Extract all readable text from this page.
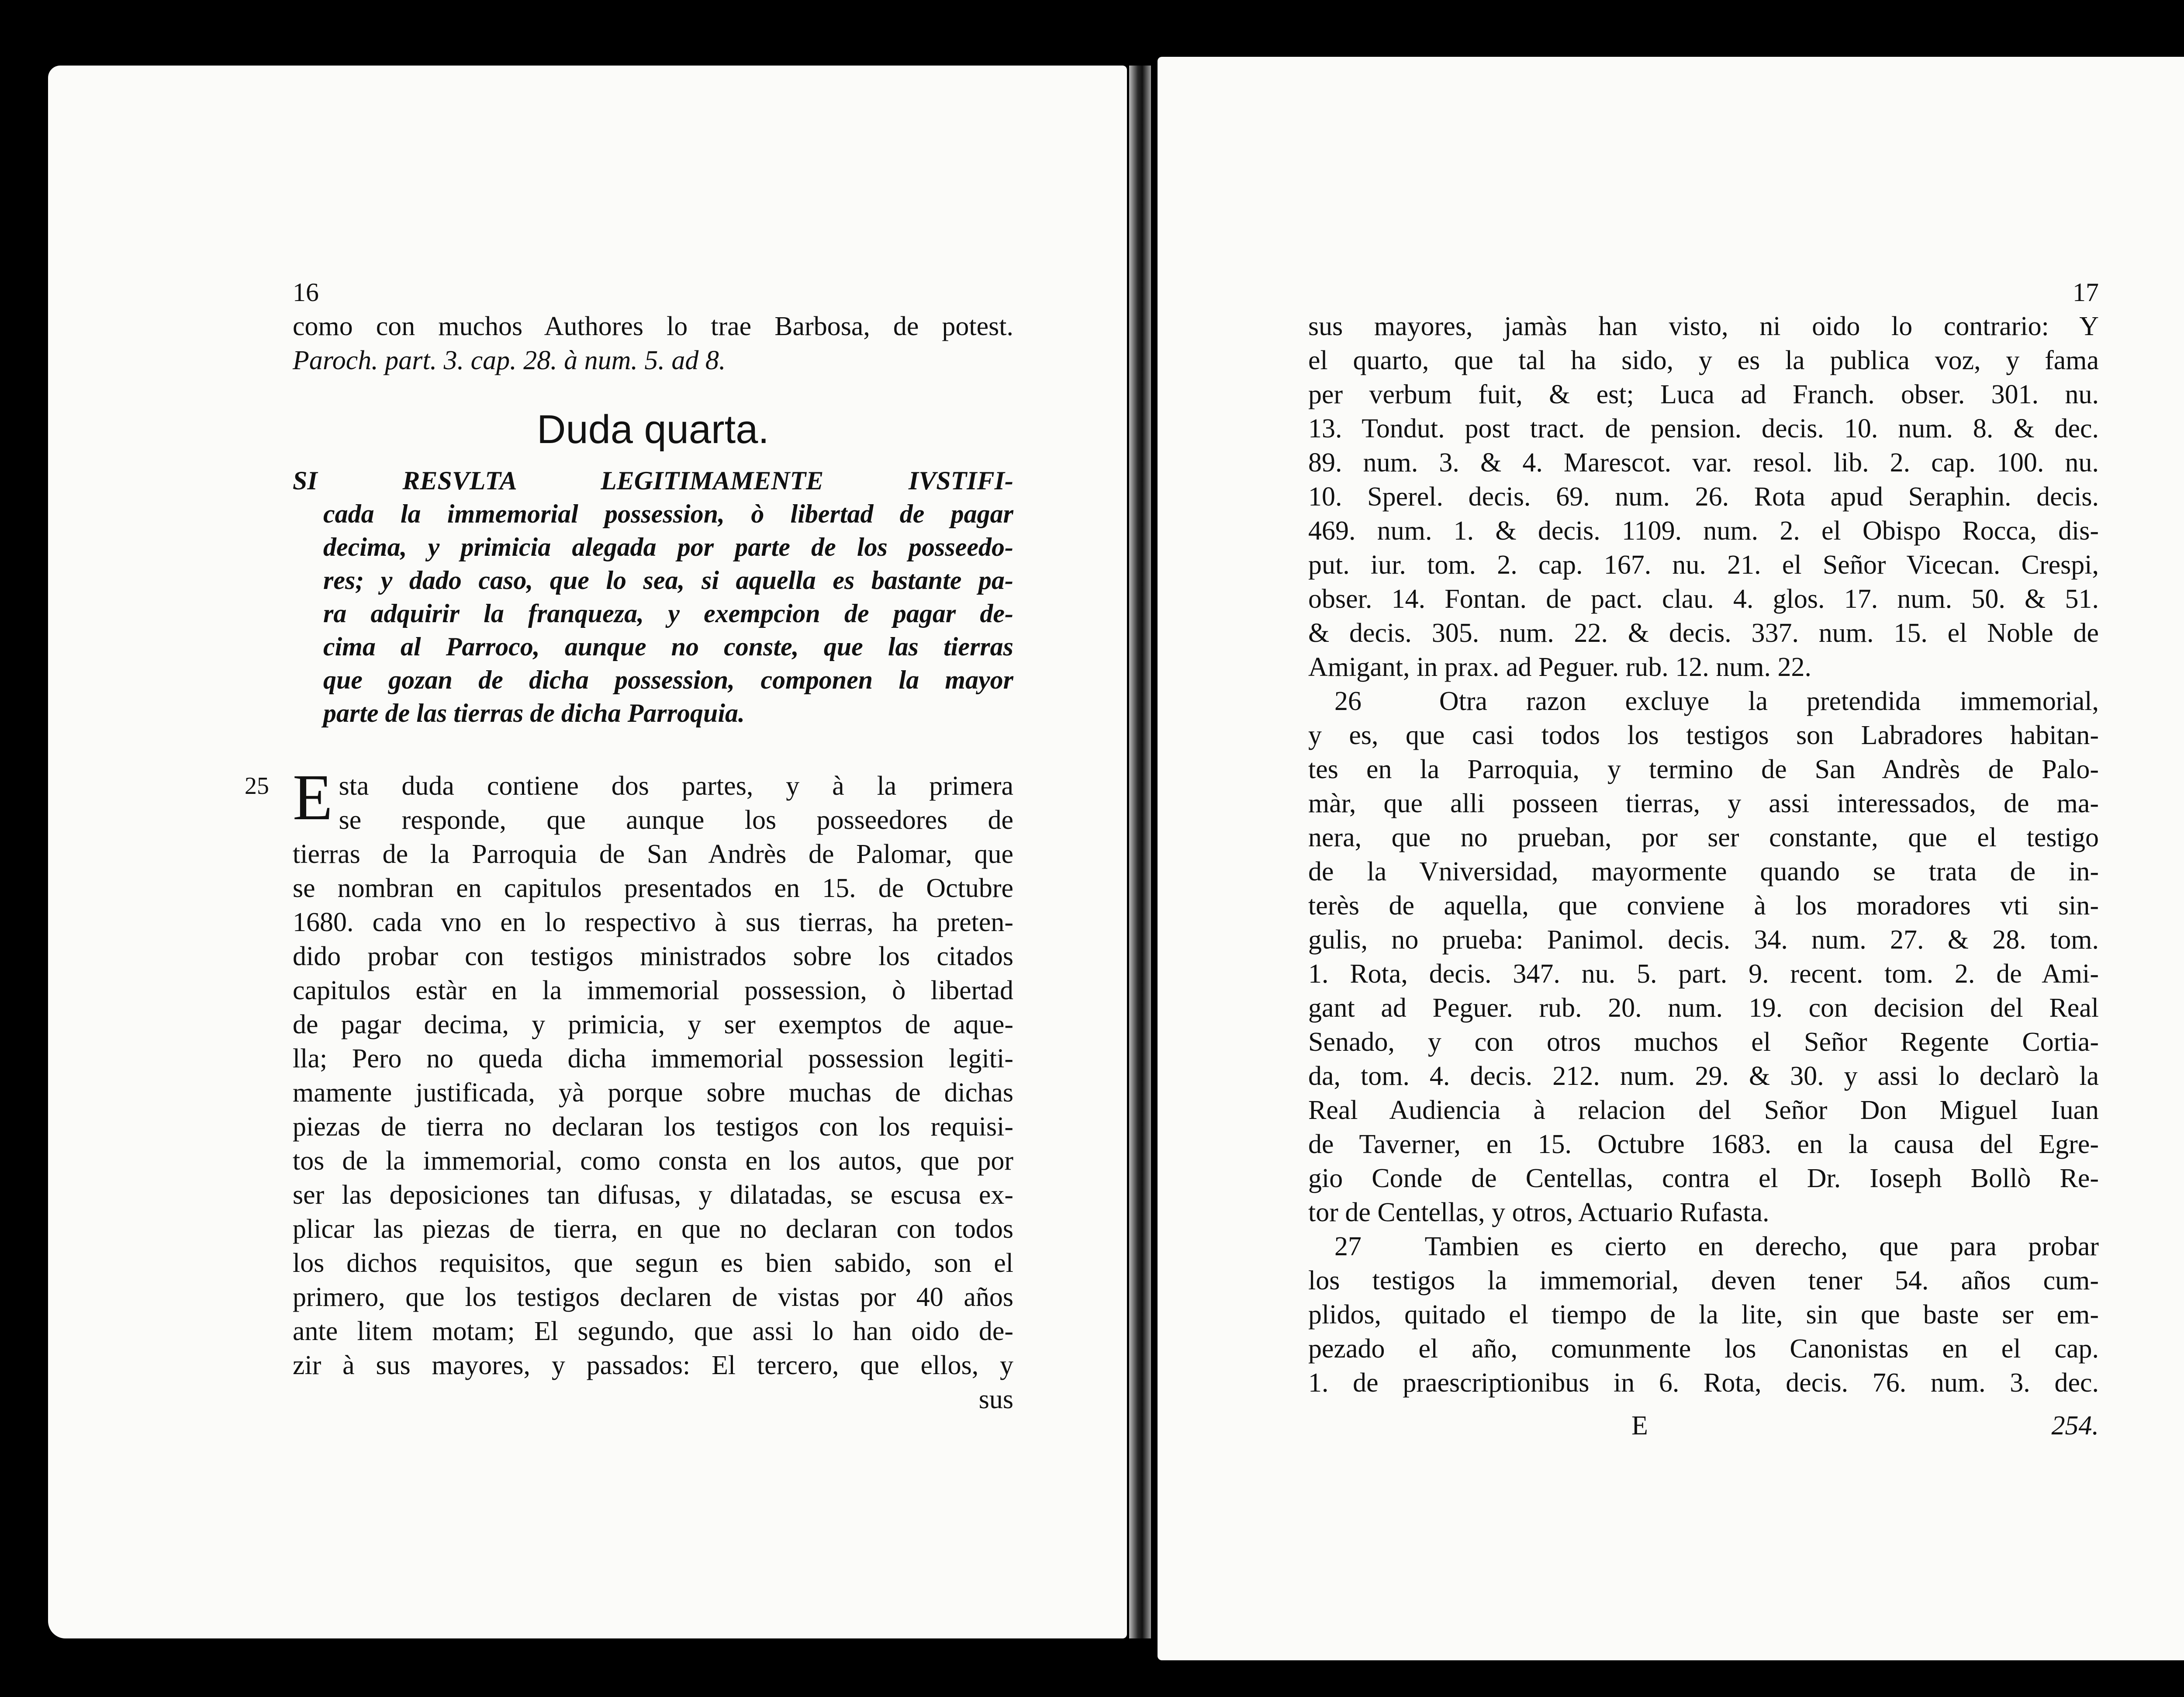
16
como con muchos Authores lo trae Barbosa, de potest.
Paroch. part. 3. cap. 28. à num. 5. ad 8.
Duda quarta.
SI RESVLTA LEGITIMAMENTE IVSTIFI-
cada la immemorial possession, ò libertad de pagar
decima, y primicia alegada por parte de los posseedo-
res; y dado caso, que lo sea, si aquella es bastante pa-
ra adquirir la franqueza, y exempcion de pagar de-
cima al Parroco, aunque no conste, que las tierras
que gozan de dicha possession, componen la mayor
parte de las tierras de dicha Parroquia.
25 E sta duda contiene dos partes, y à la primera
se responde, que aunque los posseedores de
tierras de la Parroquia de San Andrès de Palomar, que
se nombran en capitulos presentados en 15. de Octubre
1680. cada vno en lo respectivo à sus tierras, ha preten-
dido probar con testigos ministrados sobre los citados
capitulos estàr en la immemorial possession, ò libertad
de pagar decima, y primicia, y ser exemptos de aque-
lla; Pero no queda dicha immemorial possession legiti-
mamente justificada, yà porque sobre muchas de dichas
piezas de tierra no declaran los testigos con los requisi-
tos de la immemorial, como consta en los autos, que por
ser las deposiciones tan difusas, y dilatadas, se escusa ex-
plicar las piezas de tierra, en que no declaran con todos
los dichos requisitos, que segun es bien sabido, son el
primero, que los testigos declaren de vistas por 40 años
ante litem motam; El segundo, que assi lo han oido de-
zir à sus mayores, y passados: El tercero, que ellos, y
sus
17
sus mayores, jamàs han visto, ni oido lo contrario: Y
el quarto, que tal ha sido, y es la publica voz, y fama
per verbum fuit, & est; Luca ad Franch. obser. 301. nu.
13. Tondut. post tract. de pension. decis. 10. num. 8. & dec.
89. num. 3. & 4. Marescot. var. resol. lib. 2. cap. 100. nu.
10. Sperel. decis. 69. num. 26. Rota apud Seraphin. decis.
469. num. 1. & decis. 1109. num. 2. el Obispo Rocca, dis-
put. iur. tom. 2. cap. 167. nu. 21. el Señor Vicecan. Crespi,
obser. 14. Fontan. de pact. clau. 4. glos. 17. num. 50. & 51.
& decis. 305. num. 22. & decis. 337. num. 15. el Noble de
Amigant, in prax. ad Peguer. rub. 12. num. 22.
26	Otra razon excluye la pretendida immemorial,
y es, que casi todos los testigos son Labradores habitan-
tes en la Parroquia, y termino de San Andrès de Palo-
màr, que alli posseen tierras, y assi interessados, de ma-
nera, que no prueban, por ser constante, que el testigo
de la Vniversidad, mayormente quando se trata de in-
terès de aquella, que conviene à los moradores vti sin-
gulis, no prueba: Panimol. decis. 34. num. 27. & 28. tom.
1. Rota, decis. 347. nu. 5. part. 9. recent. tom. 2. de Ami-
gant ad Peguer. rub. 20. num. 19. con decision del Real
Senado, y con otros muchos el Señor Regente Cortia-
da, tom. 4. decis. 212. num. 29. & 30. y assi lo declarò la
Real Audiencia à relacion del Señor Don Miguel Iuan
de Taverner, en 15. Octubre 1683. en la causa del Egre-
gio Conde de Centellas, contra el Dr. Ioseph Bollò Re-
tor de Centellas, y otros, Actuario Rufasta.
27 Tambien es cierto en derecho, que para probar
los testigos la immemorial, deven tener 54. años cum-
plidos, quitado el tiempo de la lite, sin que baste ser em-
pezado el año, comunmente los Canonistas en el cap.
1. de praescriptionibus in 6. Rota, decis. 76. num. 3. dec.
E	254.
